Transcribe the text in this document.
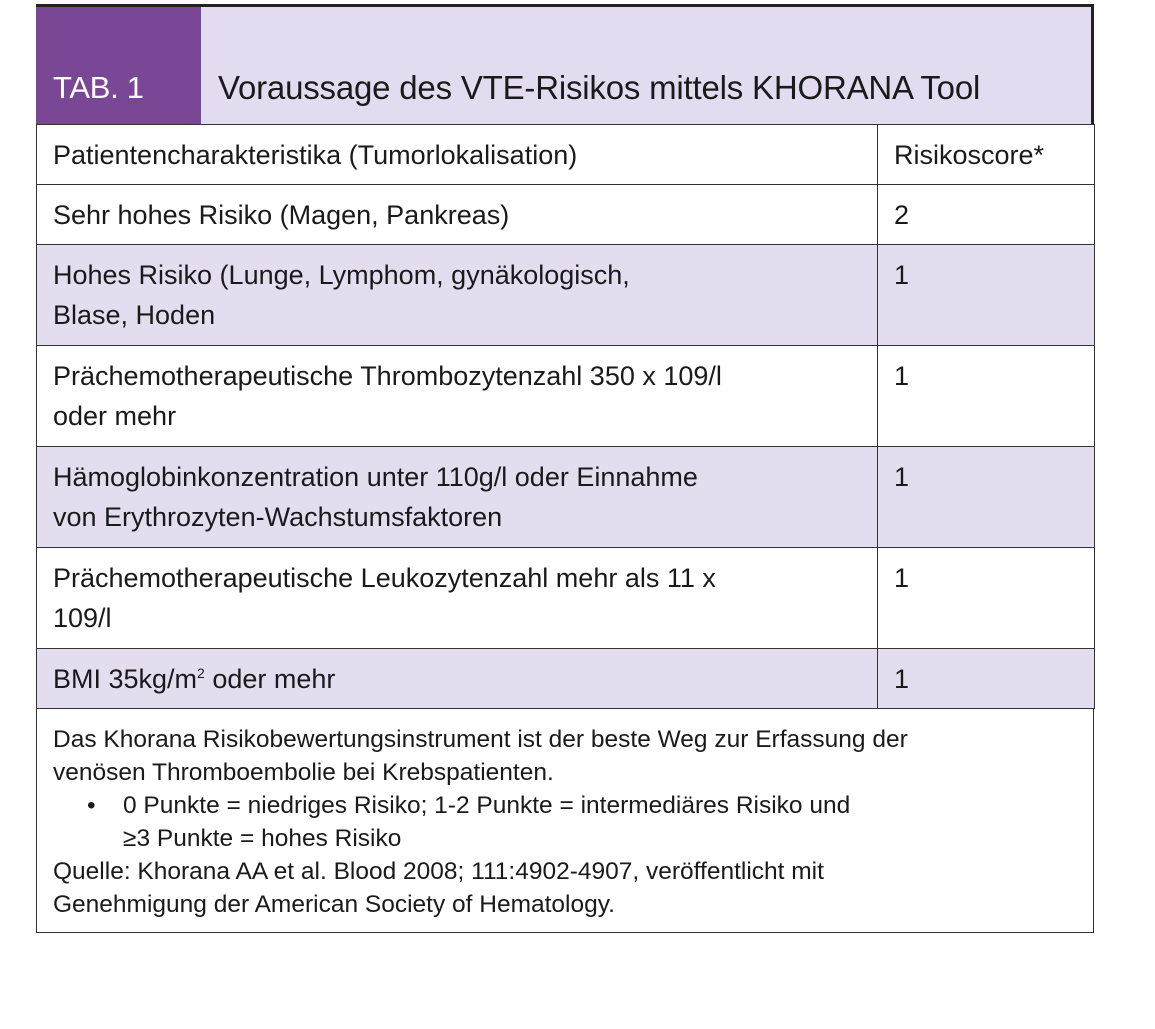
TAB. 1	Voraussage des VTE-Risikos mittels KHORANA Tool
Patientencharakteristika (Tumorlokalisation)	Risikoscore*
Sehr hohes Risiko (Magen, Pankreas)	2

Hohes Risiko (Lunge, Lymphom, gynäkologisch,
Blase, Hoden	1

Prächemotherapeutische Thrombozytenzahl 350 x 109/l
oder mehr	1

Hämoglobinkonzentration unter 110g/l oder Einnahme
von Erythrozyten-Wachstumsfaktoren	1

Prächemotherapeutische Leukozytenzahl mehr als 11 x
109/l	1
BMI $35kg/m^2$ oder mehr	1
Das Khorana Risikobewertungsinstrument ist der beste Weg zur Erfassung der
venösen Thromboembolie bei Krebspatienten.
•	0 Punkte = niedriges Risiko; 1-2 Punkte = intermediäres Risiko und
≥3 Punkte = hohes Risiko
Quelle: Khorana AA et al. Blood 2008; 111:4902-4907, veröffentlicht mit
Genehmigung der American Society of Hematology.
